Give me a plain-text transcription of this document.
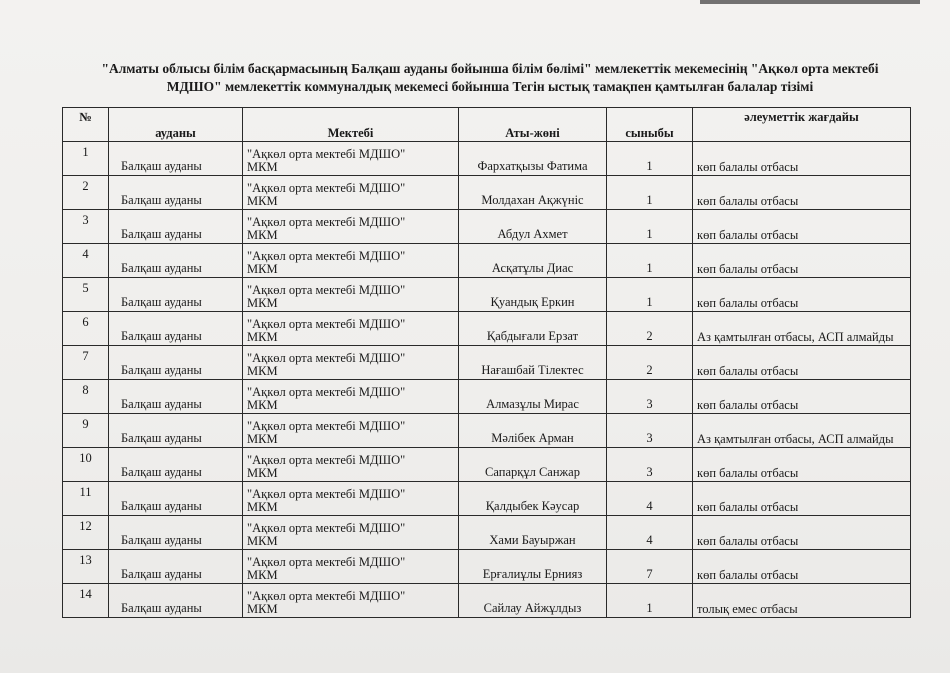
"Алматы облысы білім басқармасының Балқаш ауданы бойынша білім бөлімі" мемлекеттік мекемесінің "Ақкөл орта мектебі
МДШО" мемлекеттік коммуналдық мекемесі бойынша Тегін ыстық тамақпен қамтылған балалар тізімі
№	ауданы	Мектебі	Аты-жөні	сыныбы	әлеуметтік жағдайы
1	Балқаш ауданы	"Ақкөл орта мектебі МДШО"
МКМ	Фархатқызы Фатима	1	көп балалы отбасы
2	Балқаш ауданы	"Ақкөл орта мектебі МДШО"
МКМ	Молдахан Ақжүніс	1	көп балалы отбасы
3	Балқаш ауданы	"Ақкөл орта мектебі МДШО"
МКМ	Абдул Ахмет	1	көп балалы отбасы
4	Балқаш ауданы	"Ақкөл орта мектебі МДШО"
МКМ	Асқатұлы Диас	1	көп балалы отбасы
5	Балқаш ауданы	"Ақкөл орта мектебі МДШО"
МКМ	Қуандық Еркин	1	көп балалы отбасы
6	Балқаш ауданы	"Ақкөл орта мектебі МДШО"
МКМ	Қабдығали Ерзат	2	Аз қамтылған отбасы, АСП алмайды
7	Балқаш ауданы	"Ақкөл орта мектебі МДШО"
МКМ	Нағашбай Тілектес	2	көп балалы отбасы
8	Балқаш ауданы	"Ақкөл орта мектебі МДШО"
МКМ	Алмазұлы Мирас	3	көп балалы отбасы
9	Балқаш ауданы	"Ақкөл орта мектебі МДШО"
МКМ	Мәлібек Арман	3	Аз қамтылған отбасы, АСП алмайды
10	Балқаш ауданы	"Ақкөл орта мектебі МДШО"
МКМ	Сапарқұл Санжар	3	көп балалы отбасы
11	Балқаш ауданы	"Ақкөл орта мектебі МДШО"
МКМ	Қалдыбек Кәусар	4	көп балалы отбасы
12	Балқаш ауданы	"Ақкөл орта мектебі МДШО"
МКМ	Хами Бауыржан	4	көп балалы отбасы
13	Балқаш ауданы	"Ақкөл орта мектебі МДШО"
МКМ	Ерғалиұлы Ернияз	7	көп балалы отбасы
14	Балқаш ауданы	"Ақкөл орта мектебі МДШО"
МКМ	Сайлау Айжұлдыз	1	толық емес отбасы
